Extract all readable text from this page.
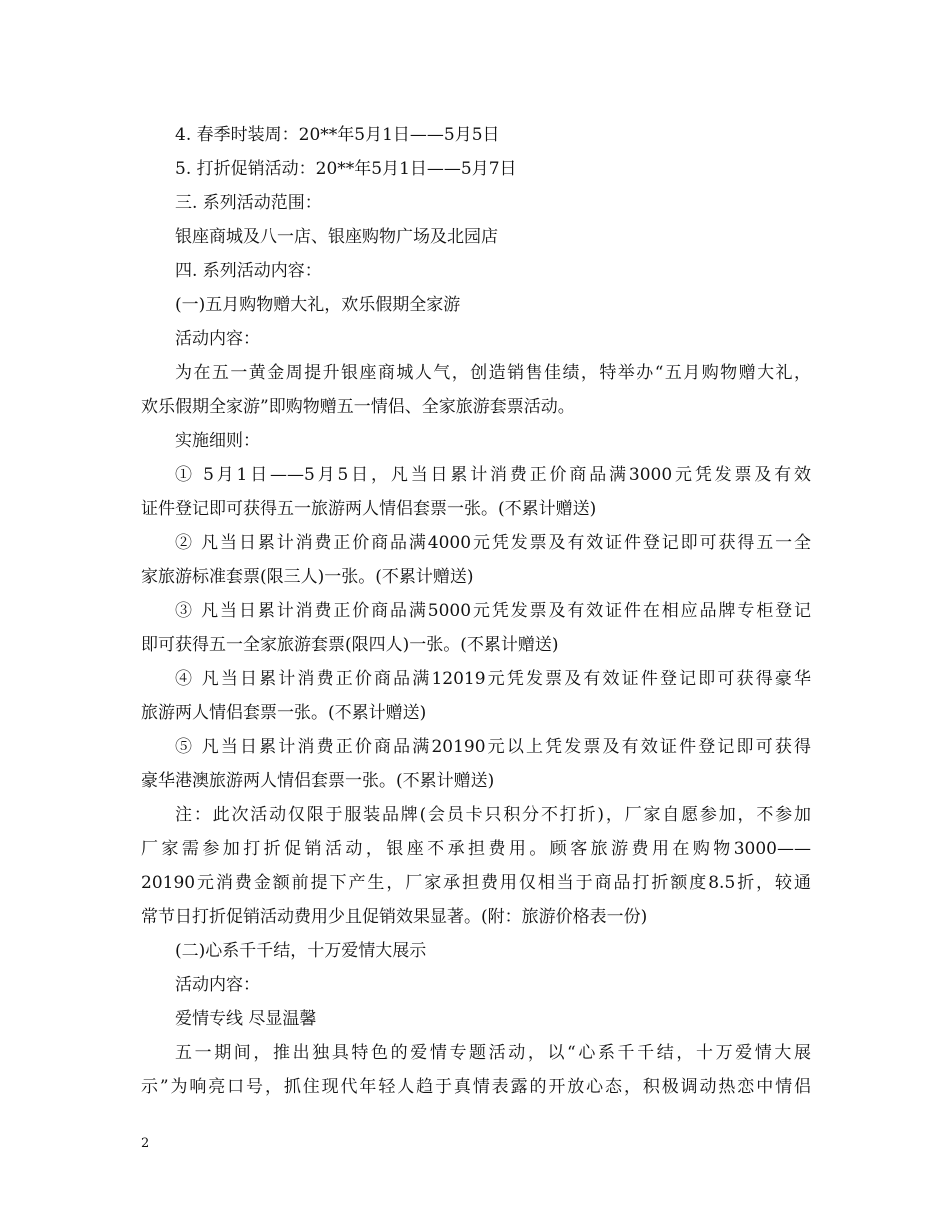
4. 春季时装周：20**年5月1日——5月5日
5. 打折促销活动：20**年5月1日——5月7日
三. 系列活动范围：
银座商城及八一店、银座购物广场及北园店
四. 系列活动内容：
(一)五月购物赠大礼，欢乐假期全家游
活动内容：
为在五一黄金周提升银座商城人气，创造销售佳绩，特举办“五月购物赠大礼，
欢乐假期全家游”即购物赠五一情侣、全家旅游套票活动。
实施细则：
① 5月1日——5月5日，凡当日累计消费正价商品满3000元凭发票及有效
证件登记即可获得五一旅游两人情侣套票一张。(不累计赠送)
② 凡当日累计消费正价商品满4000元凭发票及有效证件登记即可获得五一全
家旅游标准套票(限三人)一张。(不累计赠送)
③ 凡当日累计消费正价商品满5000元凭发票及有效证件在相应品牌专柜登记
即可获得五一全家旅游套票(限四人)一张。(不累计赠送)
④ 凡当日累计消费正价商品满12019元凭发票及有效证件登记即可获得豪华
旅游两人情侣套票一张。(不累计赠送)
⑤ 凡当日累计消费正价商品满20190元以上凭发票及有效证件登记即可获得
豪华港澳旅游两人情侣套票一张。(不累计赠送)
注：此次活动仅限于服装品牌(会员卡只积分不打折)，厂家自愿参加，不参加
厂家需参加打折促销活动，银座不承担费用。顾客旅游费用在购物3000——
20190元消费金额前提下产生，厂家承担费用仅相当于商品打折额度8.5折，较通
常节日打折促销活动费用少且促销效果显著。(附：旅游价格表一份)
(二)心系千千结，十万爱情大展示
活动内容：
爱情专线 尽显温馨
五一期间，推出独具特色的爱情专题活动，以“心系千千结，十万爱情大展
示”为响亮口号，抓住现代年轻人趋于真情表露的开放心态，积极调动热恋中情侣
2
